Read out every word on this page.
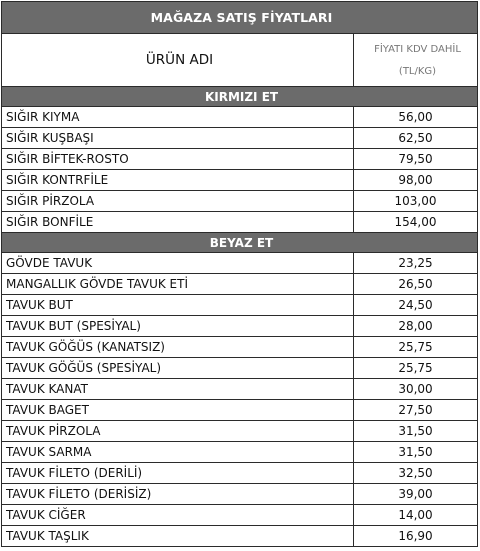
MAĞAZA SATIŞ FİYATLARI	
ÜRÜN ADI	FİYATI KDV DAHİL
(TL/KG)

KIRMIZI ET	
SIĞIR KIYMA	56,00
SIĞIR KUŞBAŞI	62,50
SIĞIR BİFTEK-ROSTO	79,50
SIĞIR KONTRFİLE	98,00
SIĞIR PİRZOLA	103,00
SIĞIR BONFİLE	154,00
BEYAZ ET	
GÖVDE TAVUK	23,25
MANGALLIK GÖVDE TAVUK ETİ	26,50
TAVUK BUT	24,50
TAVUK BUT (SPESİYAL)	28,00
TAVUK GÖĞÜS (KANATSIZ)	25,75
TAVUK GÖĞÜS (SPESİYAL)	25,75
TAVUK KANAT	30,00
TAVUK BAGET	27,50
TAVUK PİRZOLA	31,50
TAVUK SARMA	31,50
TAVUK FİLETO (DERİLİ)	32,50
TAVUK FİLETO (DERİSİZ)	39,00
TAVUK CİĞER	14,00
TAVUK TAŞLIK	16,90
